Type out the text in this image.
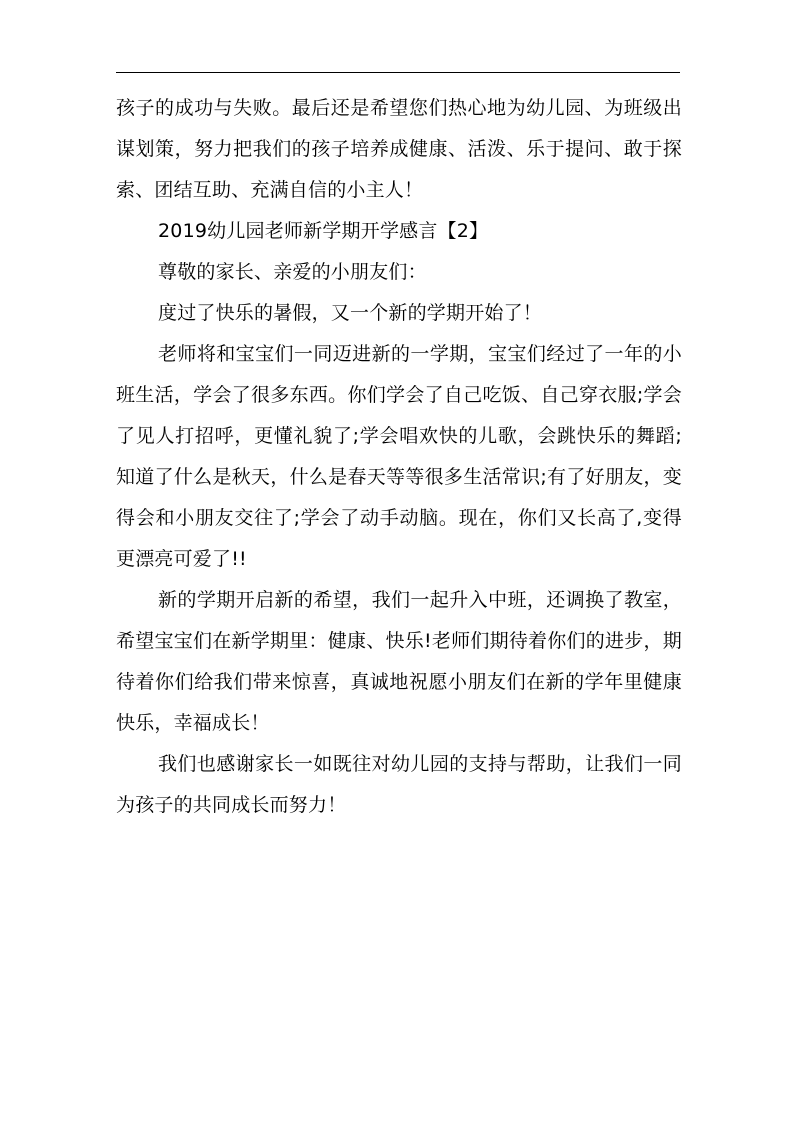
孩子的成功与失败。最后还是希望您们热心地为幼儿园、为班级出谋划策，努力把我们的孩子培养成健康、活泼、乐于提问、敢于探索、团结互助、充满自信的小主人！

2019幼儿园老师新学期开学感言【2】

尊敬的家长、亲爱的小朋友们：

度过了快乐的暑假，又一个新的学期开始了！

老师将和宝宝们一同迈进新的一学期，宝宝们经过了一年的小班生活，学会了很多东西。你们学会了自己吃饭、自己穿衣服;学会了见人打招呼，更懂礼貌了;学会唱欢快的儿歌，会跳快乐的舞蹈;知道了什么是秋天，什么是春天等等很多生活常识;有了好朋友，变得会和小朋友交往了;学会了动手动脑。现在，你们又长高了,变得更漂亮可爱了!!

新的学期开启新的希望，我们一起升入中班，还调换了教室，希望宝宝们在新学期里：健康、快乐!老师们期待着你们的进步，期待着你们给我们带来惊喜，真诚地祝愿小朋友们在新的学年里健康快乐，幸福成长！

我们也感谢家长一如既往对幼儿园的支持与帮助，让我们一同为孩子的共同成长而努力！
